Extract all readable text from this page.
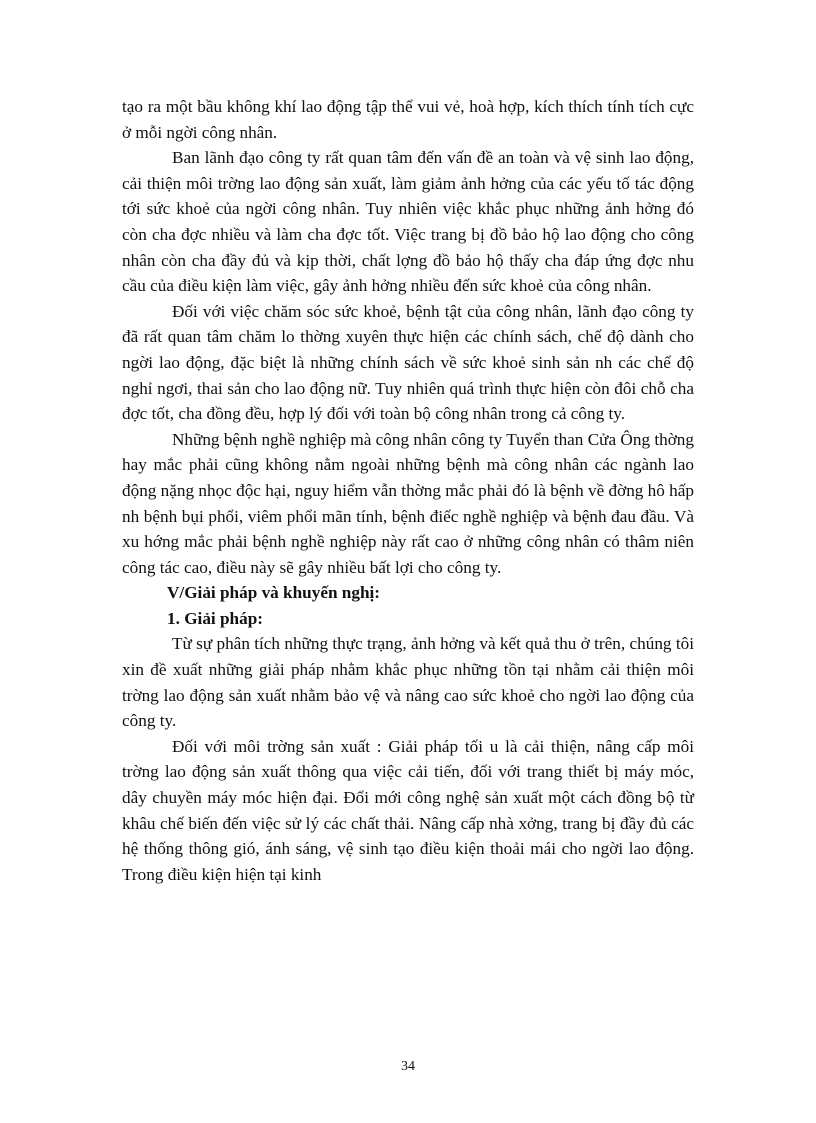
tạo ra một bầu không khí lao động tập thể vui vẻ, hoà hợp, kích thích tính tích cực ở mỗi ngời công nhân.

Ban lãnh đạo công ty rất quan tâm đến vấn đề an toàn và vệ sinh lao động, cải thiện môi trờng lao động sản xuất, làm giảm ảnh hởng của các yếu tố tác động tới sức khoẻ của ngời công nhân. Tuy nhiên việc khắc phục những ảnh hởng đó còn cha đợc nhiều và làm cha đợc tốt. Việc trang bị đồ bảo hộ lao động cho công nhân còn cha đầy đủ và kịp thời, chất lợng đồ bảo hộ thấy cha đáp ứng đợc nhu cầu của điều kiện làm việc, gây ảnh hởng nhiều đến sức khoẻ của công nhân.

Đối với việc chăm sóc sức khoẻ, bệnh tật của công nhân, lãnh đạo công ty đã rất quan tâm chăm lo thờng xuyên thực hiện các chính sách, chế độ dành cho ngời lao động, đặc biệt là những chính sách về sức khoẻ sinh sản nh các chế độ nghỉ ngơi, thai sản cho lao động nữ. Tuy nhiên quá trình thực hiện còn đôi chỗ cha đợc tốt, cha đồng đều, hợp lý đối với toàn bộ công nhân trong cả công ty.

Những bệnh nghề nghiệp mà công nhân công ty Tuyển than Cửa Ông thờng hay mắc phải cũng không nằm ngoài những bệnh mà công nhân các ngành lao động nặng nhọc độc hại, nguy hiểm vẫn thờng mắc phải đó là bệnh về đờng hô hấp nh bệnh bụi phổi, viêm phổi mãn tính, bệnh điếc nghề nghiệp và bệnh đau đầu. Và xu hớng mắc phải bệnh nghề nghiệp này rất cao ở những công nhân có thâm niên công tác cao, điều này sẽ gây nhiều bất lợi cho công ty.

V/Giải pháp và khuyến nghị:

1. Giải pháp:

Từ sự phân tích những thực trạng, ảnh hởng và kết quả thu ở trên, chúng tôi xin đề xuất những giải pháp nhằm khắc phục những tồn tại nhằm cải thiện môi trờng lao động sản xuất nhằm bảo vệ và nâng cao sức khoẻ cho ngời lao động của công ty.

Đối với môi trờng sản xuất : Giải pháp tối u là cải thiện, nâng cấp môi trờng lao động sản xuất thông qua việc cải tiến, đối với trang thiết bị máy móc, dây chuyền máy móc hiện đại. Đổi mới công nghệ sản xuất một cách đồng bộ từ khâu chế biến đến việc sử lý các chất thải. Nâng cấp nhà xởng, trang bị đầy đủ các hệ thống thông gió, ánh sáng, vệ sinh tạo điều kiện thoải mái cho ngời lao động. Trong điều kiện hiện tại kinh

34
